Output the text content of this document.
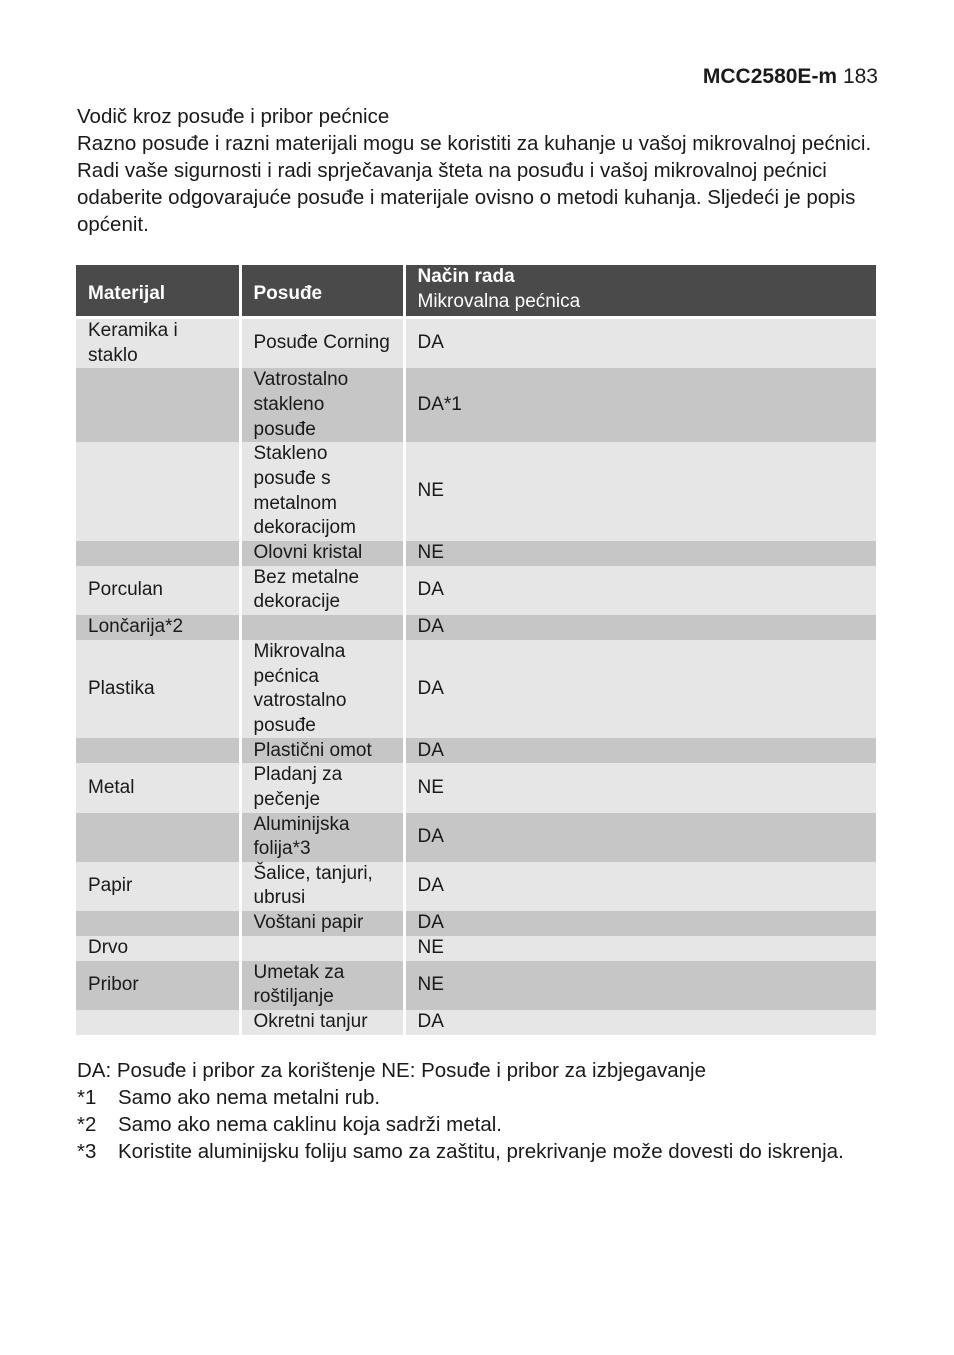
MCC2580E-m 183

Vodič kroz posuđe i pribor pećnice

Razno posuđe i razni materijali mogu se koristiti za kuhanje u vašoj mikrovalnoj pećnici. Radi vaše sigurnosti i radi sprječavanja šteta na posuđu i vašoj mikrovalnoj pećnici odaberite odgovarajuće posuđe i materijale ovisno o metodi kuhanja. Sljedeći je popis općenit.

Materijal	Posuđe	Način rada
Mikrovalna pećnica

Keramika i staklo	Posuđe Corning	DA
	Vatrostalno stakleno posuđe	DA*1
	Stakleno posuđe s metalnom dekoracijom	NE
	Olovni kristal	NE
Porculan	Bez metalne dekoracije	DA
Lončarija*2		DA
Plastika	Mikrovalna pećnica vatrostalno posuđe	DA
	Plastični omot	DA
Metal	Pladanj za pečenje	NE
	Aluminijska folija*3	DA
Papir	Šalice, tanjuri, ubrusi	DA
	Voštani papir	DA
Drvo		NE
Pribor	Umetak za roštiljanje	NE
	Okretni tanjur	DA

DA: Posuđe i pribor za korištenje NE: Posuđe i pribor za izbjegavanje

*1	Samo ako nema metalni rub.
*2	Samo ako nema caklinu koja sadrži metal.
*3	Koristite aluminijsku foliju samo za zaštitu, prekrivanje može dovesti do iskrenja.
